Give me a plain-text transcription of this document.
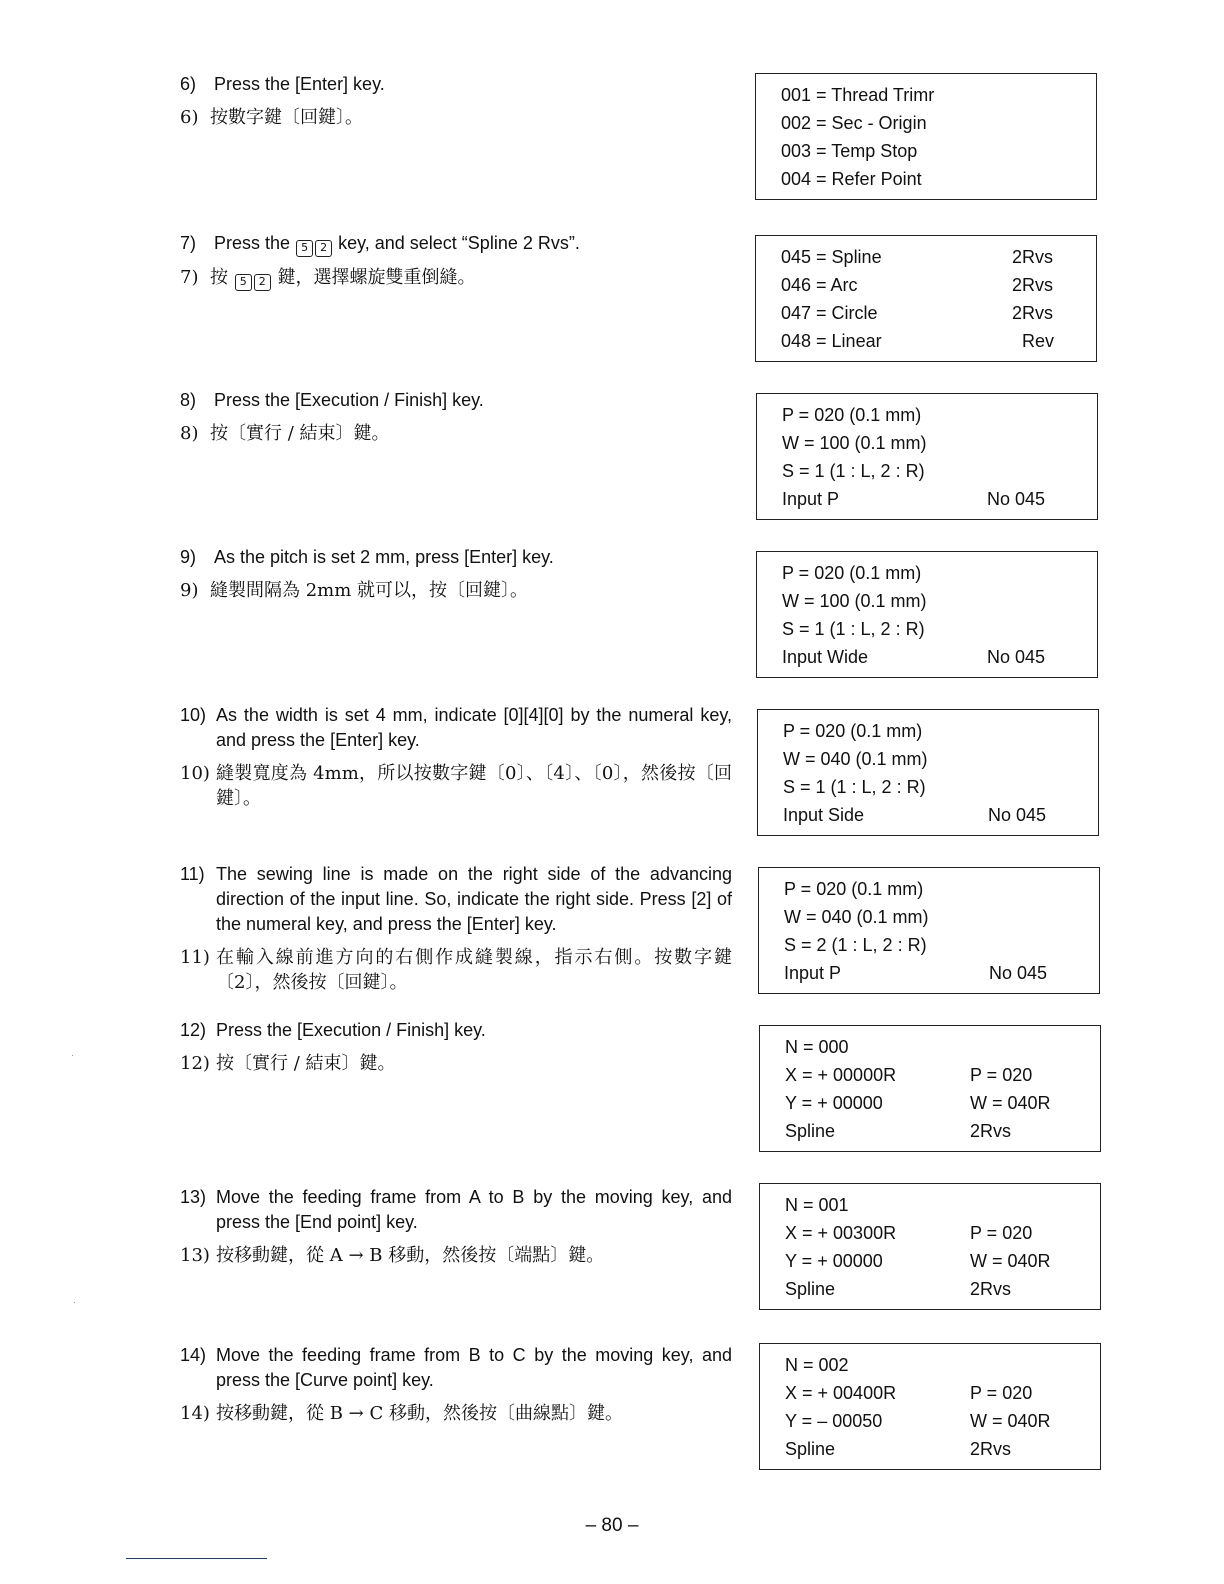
6) Press the [Enter] key.
6) 按數字鍵〔回鍵〕。
7) Press the 5 2 key, and select “Spline 2 Rvs”.
7) 按 5 2 鍵，選擇螺旋雙重倒縫。
8) Press the [Execution / Finish] key.
8) 按〔實行 / 結束〕鍵。
9) As the pitch is set 2 mm, press [Enter] key.
9) 縫製間隔為 2mm 就可以，按〔回鍵〕。
10) As the width is set 4 mm, indicate [0][4][0] by the numeral key, and press the [Enter] key.
10) 縫製寬度為 4mm，所以按數字鍵〔0〕、〔4〕、〔0〕，然後按〔回鍵〕。
11) The sewing line is made on the right side of the advancing direction of the input line. So, indicate the right side. Press [2] of the numeral key, and press the [Enter] key.
11) 在輸入線前進方向的右側作成縫製線，指示右側。按數字鍵〔2〕，然後按〔回鍵〕。
12) Press the [Execution / Finish] key.
12) 按〔實行 / 結束〕鍵。
13) Move the feeding frame from A to B by the moving key, and press the [End point] key.
13) 按移動鍵，從 A → B 移動，然後按〔端點〕鍵。
14) Move the feeding frame from B to C by the moving key, and press the [Curve point] key.
14) 按移動鍵，從 B → C 移動，然後按〔曲線點〕鍵。
001 = Thread Trimr
002 = Sec - Origin
003 = Temp Stop
004 = Refer Point
045 = Spline	2Rvs
046 = Arc	2Rvs
047 = Circle	2Rvs
048 = Linear	Rev
P = 020 (0.1 mm)
W = 100 (0.1 mm)
S = 1 (1 : L, 2 : R)
Input P	No 045
P = 020 (0.1 mm)
W = 100 (0.1 mm)
S = 1 (1 : L, 2 : R)
Input Wide	No 045
P = 020 (0.1 mm)
W = 040 (0.1 mm)
S = 1 (1 : L, 2 : R)
Input Side	No 045
P = 020 (0.1 mm)
W = 040 (0.1 mm)
S = 2 (1 : L, 2 : R)
Input P	No 045
N = 000
X = + 00000R	P = 020
Y = + 00000	W = 040R
Spline	2Rvs
N = 001
X = + 00300R	P = 020
Y = + 00000	W = 040R
Spline	2Rvs
N = 002
X = + 00400R	P = 020
Y = – 00050	W = 040R
Spline	2Rvs
– 80 –
